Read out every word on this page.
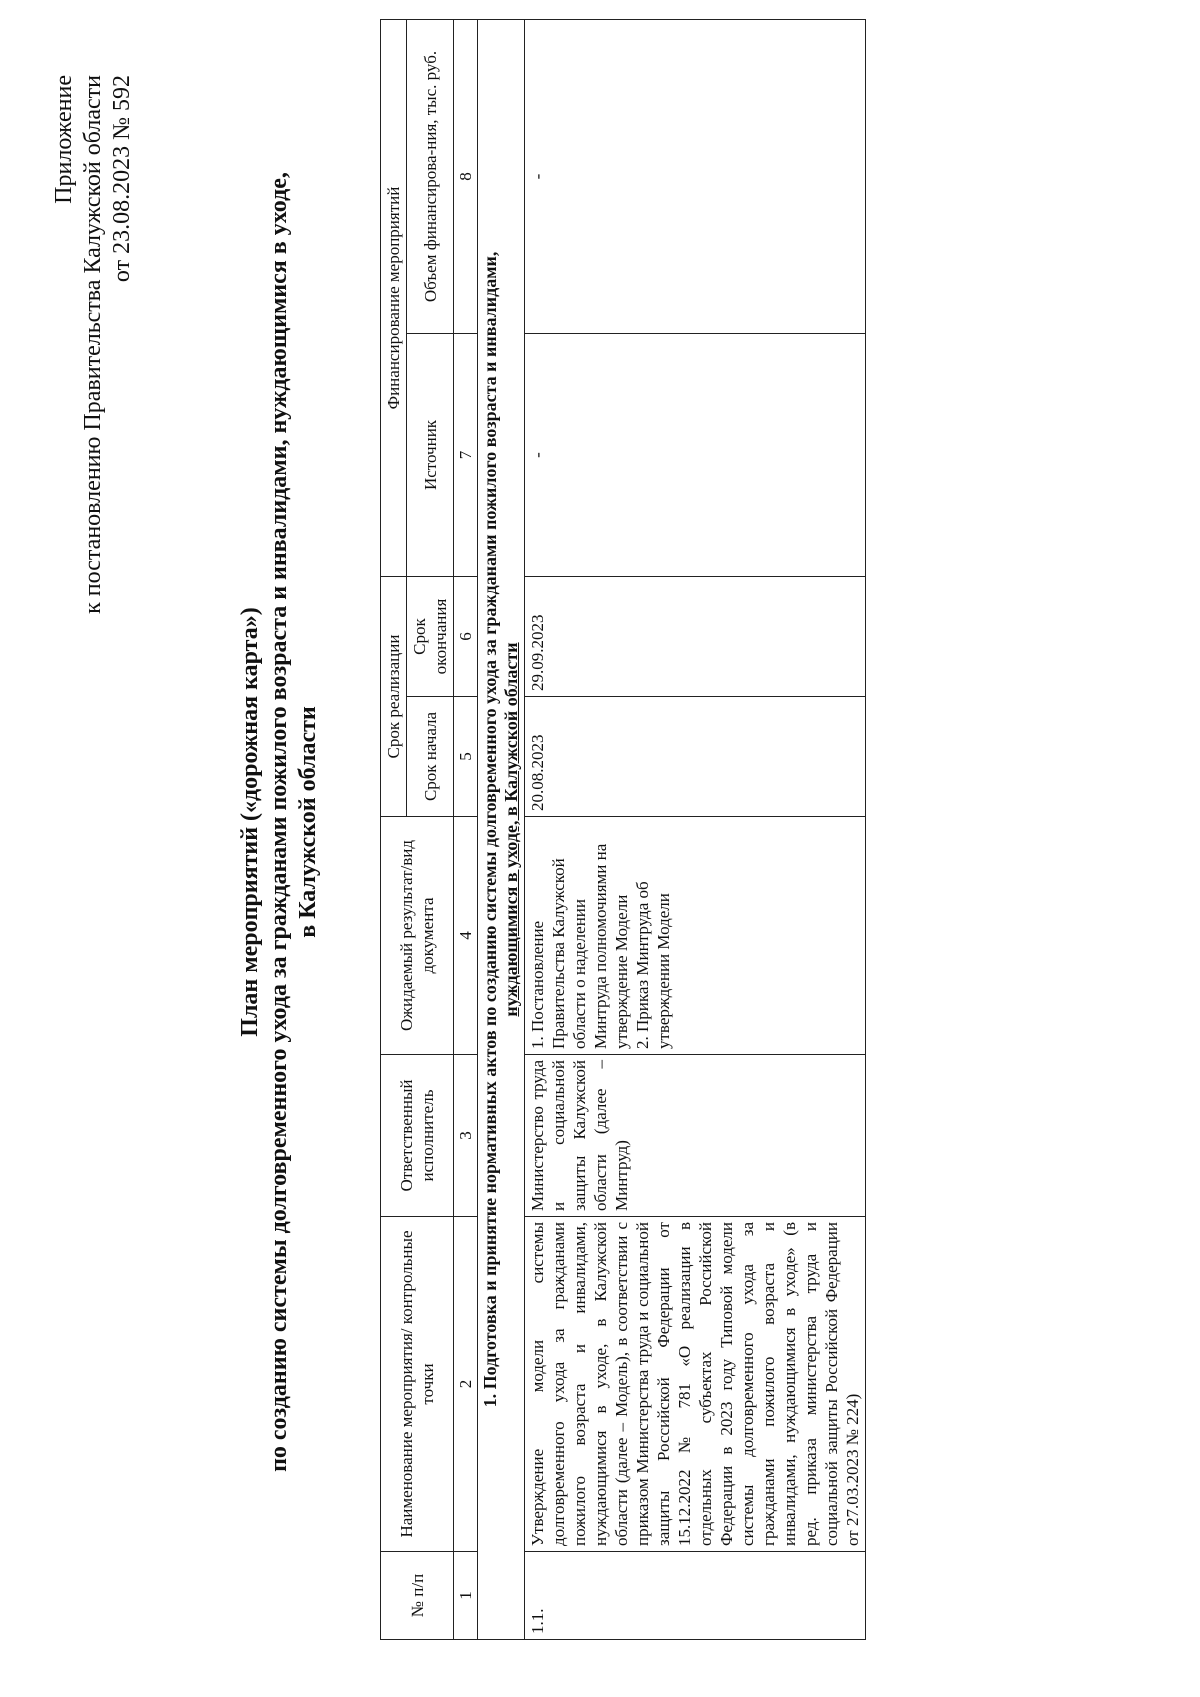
Приложение к постановлению Правительства Калужской области от 23.08.2023 № 592
План мероприятий («дорожная карта») по созданию системы долговременного ухода за гражданами пожилого возраста и инвалидами, нуждающимися в уходе, в Калужской области
№ п/п	Наименование мероприятия/ контрольные точки	Ответственный исполнитель	Ожидаемый результат/вид документа	Срок реализации		Финансирование мероприятий	
				Срок начала	Срок окончания	Источник	Объем финансирова-ния, тыс. руб.
1	2	3	4	5	6	7	8

1. Подготовка и принятие нормативных актов по созданию системы долговременного ухода за гражданами пожилого возраста и инвалидами, нуждающимися в уходе, в Калужской области							

1.1.	Утверждение модели системы долговременного ухода за гражданами пожилого возраста и инвалидами, нуждающимися в уходе, в Калужской области (далее – Модель), в соответствии с приказом Министерства труда и социальной защиты Российской Федерации от 15.12.2022 № 781 «О реализации в отдельных субъектах Российской Федерации в 2023 году Типовой модели системы долговременного ухода за гражданами пожилого возраста и инвалидами, нуждающимися в уходе» (в ред. приказа министерства труда и социальной защиты Российской Федерации от 27.03.2023 № 224)	Министерство труда и социальной защиты Калужской области (далее – Минтруд)	1. Постановление Правительства Калужской области о наделении Минтруда полномочиями на утверждение Модели 2. Приказ Минтруда об утверждении Модели	20.08.2023	29.09.2023	-	-
